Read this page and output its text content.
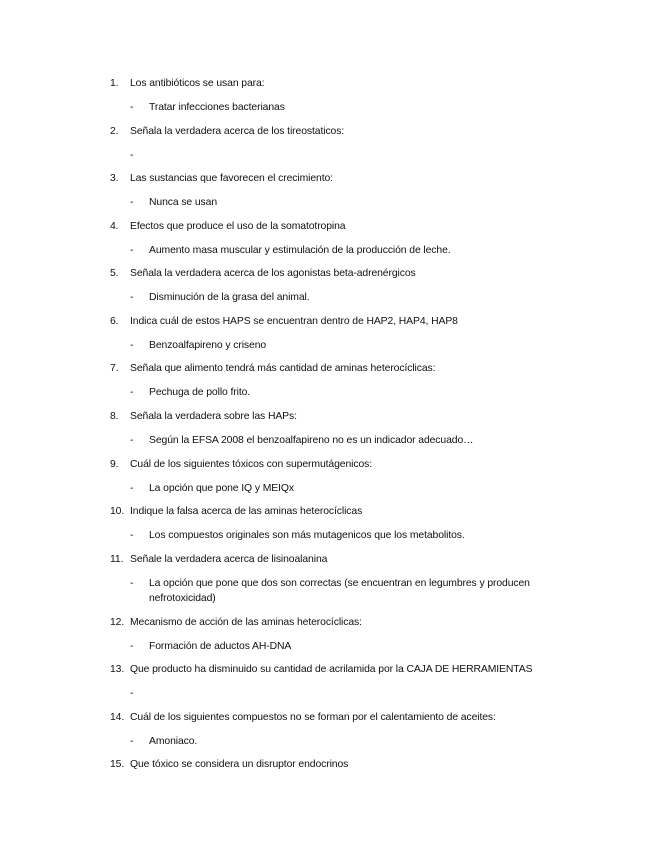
1. Los antibióticos se usan para:
- Tratar infecciones bacterianas
2. Señala la verdadera acerca de los tireostaticos:
-
3. Las sustancias que favorecen el crecimiento:
- Nunca se usan
4. Efectos que produce el uso de la somatotropina
- Aumento masa muscular y estimulación de la producción de leche.
5. Señala la verdadera acerca de los agonistas beta-adrenérgicos
- Disminución de la grasa del animal.
6. Indica cuál de estos HAPS se encuentran dentro de HAP2, HAP4, HAP8
- Benzoalfapireno y criseno
7. Señala que alimento tendrá más cantidad de aminas heterocíclicas:
- Pechuga de pollo frito.
8. Señala la verdadera sobre las HAPs:
- Según la EFSA 2008 el benzoalfapireno no es un indicador adecuado…
9. Cuál de los siguientes tóxicos con supermutágenicos:
- La opción que pone IQ y MEIQx
10. Indique la falsa acerca de las aminas heterocíclicas
- Los compuestos originales son más mutagenicos que los metabolitos.
11. Señale la verdadera acerca de lisinoalanina
- La opción que pone que dos son correctas (se encuentran en legumbres y producen nefrotoxicidad)
12. Mecanismo de acción de las aminas heterocíclicas:
- Formación de aductos AH-DNA
13. Que producto ha disminuido su cantidad de acrilamida por la CAJA DE HERRAMIENTAS
-
14. Cuál de los siguientes compuestos no se forman por el calentamiento de aceites:
- Amoniaco.
15. Que tóxico se considera un disruptor endocrinos
